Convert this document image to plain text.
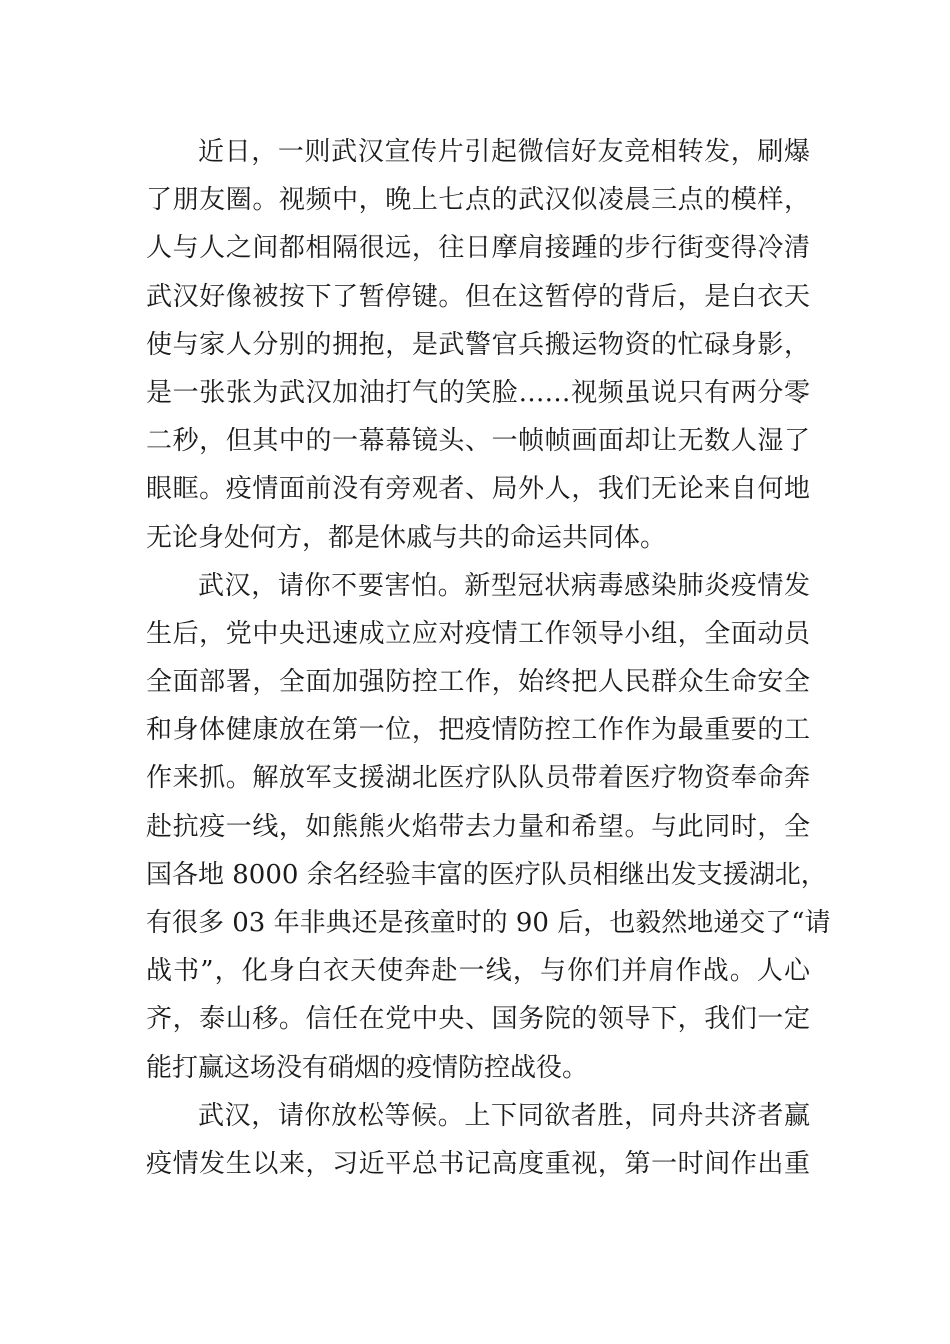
近日，一则武汉宣传片引起微信好友竞相转发，刷爆
了朋友圈。视频中，晚上七点的武汉似凌晨三点的模样，
人与人之间都相隔很远，往日摩肩接踵的步行街变得冷清
武汉好像被按下了暂停键。但在这暂停的背后，是白衣天
使与家人分别的拥抱，是武警官兵搬运物资的忙碌身影，
是一张张为武汉加油打气的笑脸……视频虽说只有两分零
二秒，但其中的一幕幕镜头、一帧帧画面却让无数人湿了
眼眶。疫情面前没有旁观者、局外人，我们无论来自何地
无论身处何方，都是休戚与共的命运共同体。
武汉，请你不要害怕。新型冠状病毒感染肺炎疫情发
生后，党中央迅速成立应对疫情工作领导小组，全面动员
全面部署，全面加强防控工作，始终把人民群众生命安全
和身体健康放在第一位，把疫情防控工作作为最重要的工
作来抓。解放军支援湖北医疗队队员带着医疗物资奉命奔
赴抗疫一线，如熊熊火焰带去力量和希望。与此同时，全
国各地 8000 余名经验丰富的医疗队员相继出发支援湖北，
有很多 03 年非典还是孩童时的 90 后，也毅然地递交了“请
战书”，化身白衣天使奔赴一线，与你们并肩作战。人心
齐，泰山移。信任在党中央、国务院的领导下，我们一定
能打赢这场没有硝烟的疫情防控战役。
武汉，请你放松等候。上下同欲者胜，同舟共济者赢
疫情发生以来，习近平总书记高度重视，第一时间作出重
